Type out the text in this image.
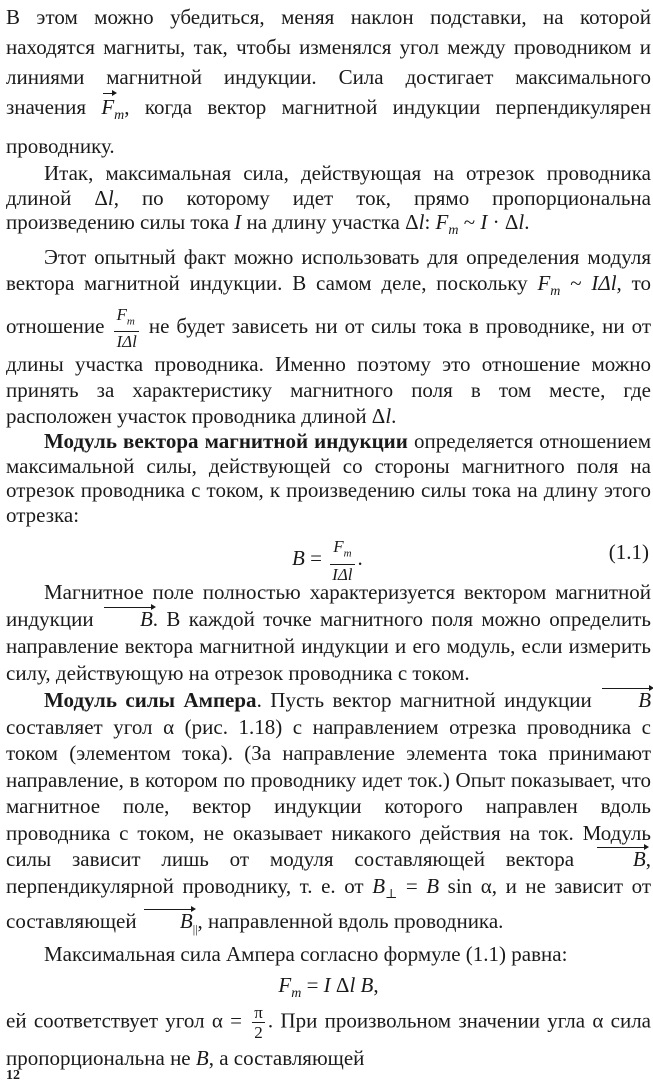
В этом можно убедиться, меняя наклон подставки, на которой находятся магниты, так, чтобы изменялся угол между проводником и линиями магнитной индукции. Сила достигает максимального значения $F_m$, когда вектор магнитной индукции перпендикулярен проводнику.

Итак, максимальная сила, действующая на отрезок проводника длиной Δl, по которому идет ток, прямо пропорциональна произведению силы тока I на длину участка Δl: $F_m$ ~ I · Δl.

Этот опытный факт можно использовать для определения модуля вектора магнитной индукции. В самом деле, поскольку $F_m$ ~ IΔl, то отношение $\frac{F_m}{\text{IΔl}}$ не будет зависеть ни от силы тока в проводнике, ни от длины участка проводника. Именно поэтому это отношение можно принять за характеристику магнитного поля в том месте, где расположен участок проводника длиной Δl.

Модуль вектора магнитной индукции определяется отношением максимальной силы, действующей со стороны магнитного поля на отрезок проводника с током, к произведению силы тока на длину этого отрезка:

$B = \frac{F_m}{\text{IΔl}}$ .	(1.1)

Магнитное поле полностью характеризуется вектором магнитной индукции B. В каждой точке магнитного поля можно определить направление вектора магнитной индукции и его модуль, если измерить силу, действующую на отрезок проводника с током.

Модуль силы Ампера. Пусть вектор магнитной индукции B составляет угол α (рис. 1.18) с направлением отрезка проводника с током (элементом тока). (За направление элемента тока принимают направление, в котором по проводнику идет ток.) Опыт показывает, что магнитное поле, вектор индукции которого направлен вдоль проводника с током, не оказывает никакого действия на ток. Модуль силы зависит лишь от модуля составляющей вектора B, перпендикулярной проводнику, т. е. от $B_\perp = B$ sin α, и не зависит от составляющей $B_{||}$, направленной вдоль проводника.

Максимальная сила Ампера согласно формуле (1.1) равна:

$F_m = I$ Δl B,

ей соответствует угол $\alpha = \frac{\pi}{2}$ . При произвольном значении угла α сила пропорциональна не B, а составляющей

12
